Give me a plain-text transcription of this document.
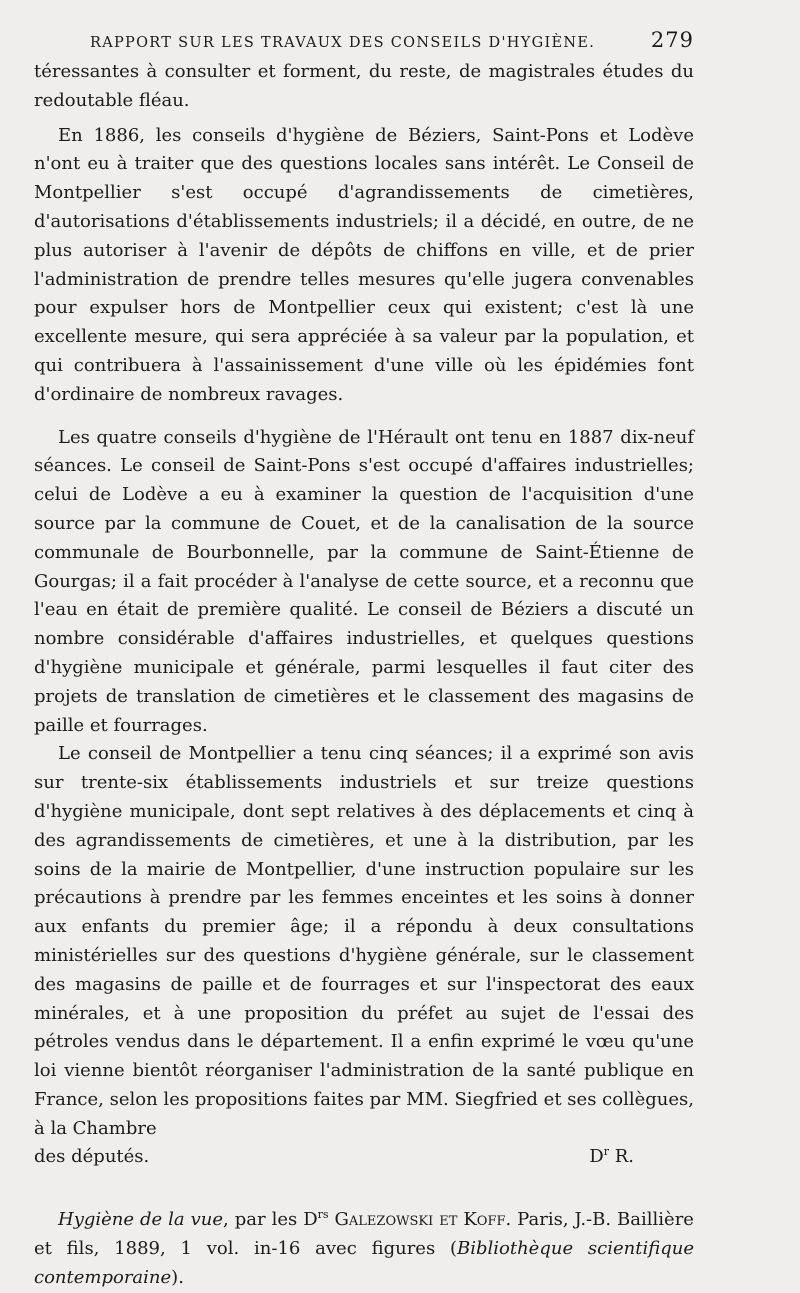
RAPPORT SUR LES TRAVAUX DES CONSEILS D'HYGIÈNE.	279

téressantes à consulter et forment, du reste, de magistrales études du redoutable fléau.

En 1886, les conseils d'hygiène de Béziers, Saint-Pons et Lodève n'ont eu à traiter que des questions locales sans intérêt. Le Conseil de Montpellier s'est occupé d'agrandissements de cimetières, d'autorisations d'établissements industriels; il a décidé, en outre, de ne plus autoriser à l'avenir de dépôts de chiffons en ville, et de prier l'administration de prendre telles mesures qu'elle jugera convenables pour expulser hors de Montpellier ceux qui existent; c'est là une excellente mesure, qui sera appréciée à sa valeur par la population, et qui contribuera à l'assainissement d'une ville où les épidémies font d'ordinaire de nombreux ravages.

Les quatre conseils d'hygiène de l'Hérault ont tenu en 1887 dix-neuf séances. Le conseil de Saint-Pons s'est occupé d'affaires industrielles; celui de Lodève a eu à examiner la question de l'acquisition d'une source par la commune de Couet, et de la canalisation de la source communale de Bourbonnelle, par la commune de Saint-Étienne de Gourgas; il a fait procéder à l'analyse de cette source, et a reconnu que l'eau en était de première qualité. Le conseil de Béziers a discuté un nombre considérable d'affaires industrielles, et quelques questions d'hygiène municipale et générale, parmi lesquelles il faut citer des projets de translation de cimetières et le classement des magasins de paille et fourrages.

Le conseil de Montpellier a tenu cinq séances; il a exprimé son avis sur trente-six établissements industriels et sur treize questions d'hygiène municipale, dont sept relatives à des déplacements et cinq à des agrandissements de cimetières, et une à la distribution, par les soins de la mairie de Montpellier, d'une instruction populaire sur les précautions à prendre par les femmes enceintes et les soins à donner aux enfants du premier âge; il a répondu à deux consultations ministérielles sur des questions d'hygiène générale, sur le classement des magasins de paille et de fourrages et sur l'inspectorat des eaux minérales, et à une proposition du préfet au sujet de l'essai des pétroles vendus dans le département. Il a enfin exprimé le vœu qu'une loi vienne bientôt réorganiser l'administration de la santé publique en France, selon les propositions faites par MM. Siegfried et ses collègues, à la Chambre

des députés.	$D^r$ R.

Hygiène de la vue, par les $D^{rs}$ Galezowski et Koff. Paris, J.-B. Baillière et fils, 1889, 1 vol. in-16 avec figures (Bibliothèque scientifique contemporaine).
